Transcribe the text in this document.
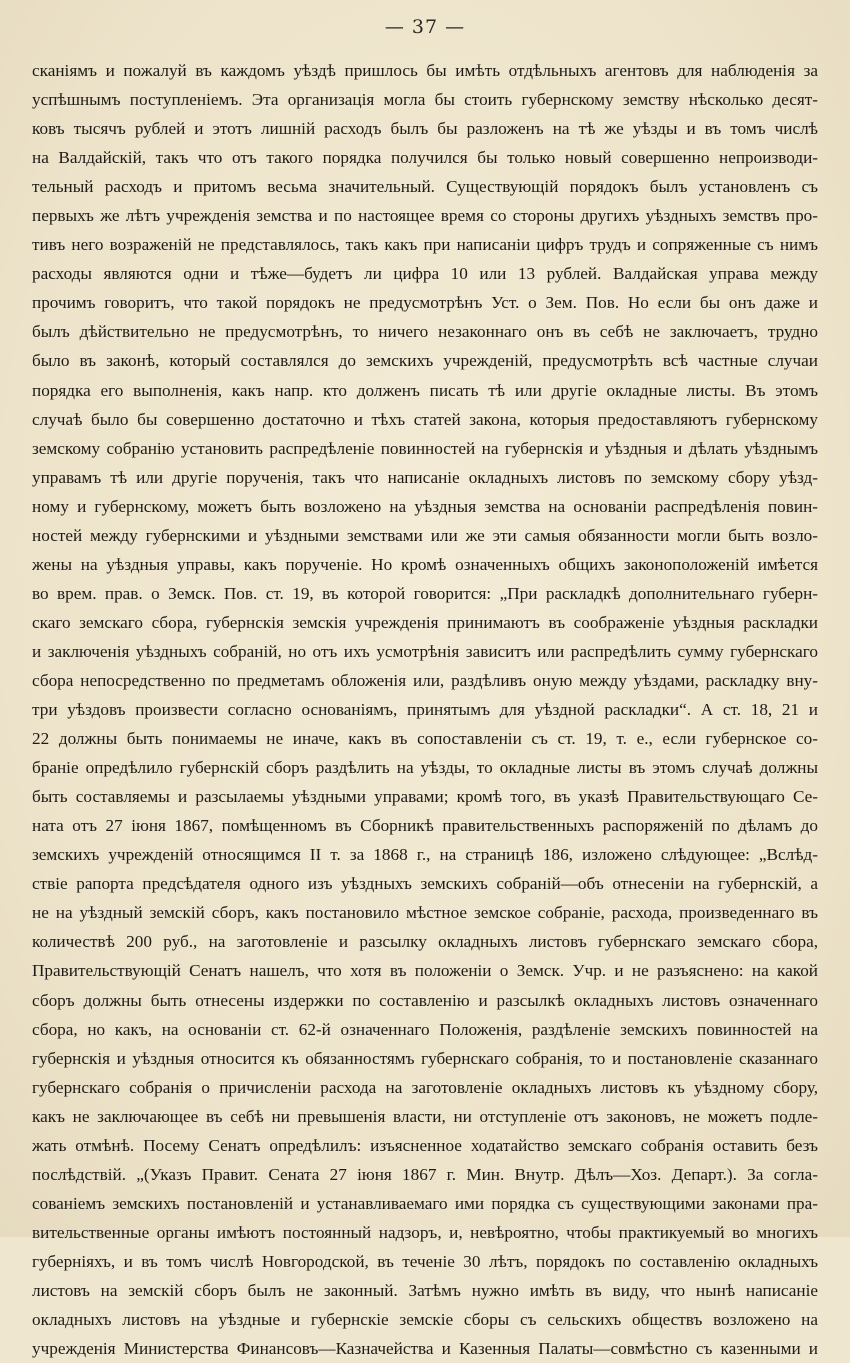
— 37 —
сканіямъ и пожалуй въ каждомъ уѣздѣ пришлось бы имѣть отдѣльныхъ агентовъ для наблюденія за
успѣшнымъ поступленіемъ. Эта организація могла бы стоить губернскому земству нѣсколько десят-
ковъ тысячъ рублей и этотъ лишній расходъ былъ бы разложенъ на тѣ же уѣзды и въ томъ числѣ
на Валдайскій, такъ что отъ такого порядка получился бы только новый совершенно непроизводи-
тельный расходъ и притомъ весьма значительный. Существующій порядокъ былъ установленъ съ
первыхъ же лѣтъ учрежденія земства и по настоящее время со стороны другихъ уѣздныхъ земствъ про-
тивъ него возраженій не представлялось, такъ какъ при написаніи цифръ трудъ и сопряженные съ нимъ
расходы являются одни и тѣже—будетъ ли цифра 10 или 13 рублей. Валдайская управа между
прочимъ говоритъ, что такой порядокъ не предусмотрѣнъ Уст. о Зем. Пов. Но если бы онъ даже и
былъ дѣйствительно не предусмотрѣнъ, то ничего незаконнаго онъ въ себѣ не заключаетъ, трудно
было въ законѣ, который составлялся до земскихъ учрежденій, предусмотрѣть всѣ частные случаи
порядка его выполненія, какъ напр. кто долженъ писать тѣ или другіе окладные листы. Въ этомъ
случаѣ было бы совершенно достаточно и тѣхъ статей закона, которыя предоставляютъ губернскому
земскому собранію установить распредѣленіе повинностей на губернскія и уѣздныя и дѣлать уѣзднымъ
управамъ тѣ или другіе порученія, такъ что написаніе окладныхъ листовъ по земскому сбору уѣзд-
ному и губернскому, можетъ быть возложено на уѣздныя земства на основаніи распредѣленія повин-
ностей между губернскими и уѣздными земствами или же эти самыя обязанности могли быть возло-
жены на уѣздныя управы, какъ порученіе. Но кромѣ означенныхъ общихъ законоположеній имѣется
во врем. прав. о Земск. Пов. ст. 19, въ которой говорится: „При раскладкѣ дополнительнаго губерн-
скаго земскаго сбора, губернскія земскія учрежденія принимаютъ въ соображеніе уѣздныя раскладки
и заключенія уѣздныхъ собраній, но отъ ихъ усмотрѣнія зависитъ или распредѣлить сумму губернскаго
сбора непосредственно по предметамъ обложенія или, раздѣливъ оную между уѣздами, раскладку вну-
три уѣздовъ произвести согласно основаніямъ, принятымъ для уѣздной раскладки“. А ст. 18, 21 и
22 должны быть понимаемы не иначе, какъ въ сопоставленіи съ ст. 19, т. е., если губернское со-
браніе опредѣлило губернскій сборъ раздѣлить на уѣзды, то окладные листы въ этомъ случаѣ должны
быть составляемы и разсылаемы уѣздными управами; кромѣ того, въ указѣ Правительствующаго Се-
ната отъ 27 іюня 1867, помѣщенномъ въ Сборникѣ правительственныхъ распоряженій по дѣламъ до
земскихъ учрежденій относящимся II т. за 1868 г., на страницѣ 186, изложено слѣдующее: „Вслѣд-
ствіе рапорта предсѣдателя одного изъ уѣздныхъ земскихъ собраній—объ отнесеніи на губернскій, а
не на уѣздный земскій сборъ, какъ постановило мѣстное земское собраніе, расхода, произведеннаго въ
количествѣ 200 руб., на заготовленіе и разсылку окладныхъ листовъ губернскаго земскаго сбора,
Правительствующій Сенатъ нашелъ, что хотя въ положеніи о Земск. Учр. и не разъяснено: на какой
сборъ должны быть отнесены издержки по составленію и разсылкѣ окладныхъ листовъ означеннаго
сбора, но какъ, на основаніи ст. 62-й означеннаго Положенія, раздѣленіе земскихъ повинностей на
губернскія и уѣздныя относится къ обязанностямъ губернскаго собранія, то и постановленіе сказаннаго
губернскаго собранія о причисленіи расхода на заготовленіе окладныхъ листовъ къ уѣздному сбору,
какъ не заключающее въ себѣ ни превышенія власти, ни отступленіе отъ законовъ, не можетъ подле-
жать отмѣнѣ. Посему Сенатъ опредѣлилъ: изъясненное ходатайство земскаго собранія оставить безъ
послѣдствій. „(Указъ Правит. Сената 27 іюня 1867 г. Мин. Внутр. Дѣлъ—Хоз. Департ.). За согла-
сованіемъ земскихъ постановленій и устанавливаемаго ими порядка съ существующими законами пра-
вительственные органы имѣютъ постоянный надзоръ, и, невѣроятно, чтобы практикуемый во многихъ
губерніяхъ, и въ томъ числѣ Новгородской, въ теченіе 30 лѣтъ, порядокъ по составленію окладныхъ
листовъ на земскій сборъ былъ не законный. Затѣмъ нужно имѣть въ виду, что нынѣ написаніе
окладныхъ листовъ на уѣздные и губернскіе земскіе сборы съ сельскихъ обществъ возложено на
учрежденія Министерства Финансовъ—Казначейства и Казенныя Палаты—совмѣстно съ казенными и
